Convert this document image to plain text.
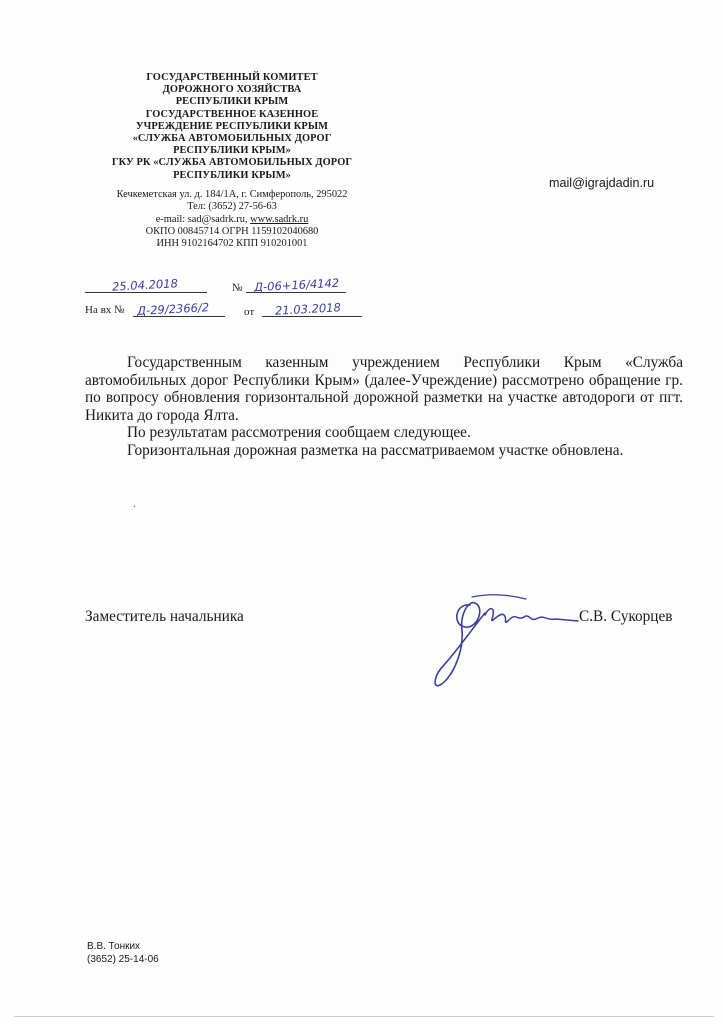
ГОСУДАРСТВЕННЫЙ КОМИТЕТ
ДОРОЖНОГО ХОЗЯЙСТВА
РЕСПУБЛИКИ КРЫМ
ГОСУДАРСТВЕННОЕ КАЗЕННОЕ
УЧРЕЖДЕНИЕ РЕСПУБЛИКИ КРЫМ
«СЛУЖБА АВТОМОБИЛЬНЫХ ДОРОГ
РЕСПУБЛИКИ КРЫМ»
ГКУ РК «СЛУЖБА АВТОМОБИЛЬНЫХ ДОРОГ
РЕСПУБЛИКИ КРЫМ»
Кечкеметская ул. д. 184/1А, г. Симферополь, 295022
Тел: (3652) 27-56-63
e-mail: sad@sadrk.ru, www.sadrk.ru
ОКПО 00845714 ОГРН 1159102040680
ИНН 9102164702 КПП 910201001
mail@igrajdadin.ru
25.04.2018	№ Д-06+16/4142
На вх № Д-29/2366/2	от 21.03.2018

Государственным казенным учреждением Республики Крым «Служба автомобильных дорог Республики Крым» (далее-Учреждение) рассмотрено обращение гр. по вопросу обновления горизонтальной дорожной разметки на участке автодороги от пгт. Никита до города Ялта.

По результатам рассмотрения сообщаем следующее.

Горизонтальная дорожная разметка на рассматриваемом участке обновлена.

.
Заместитель начальника	С.В. Сукорцев
В.В. Тонких
(3652) 25-14-06
